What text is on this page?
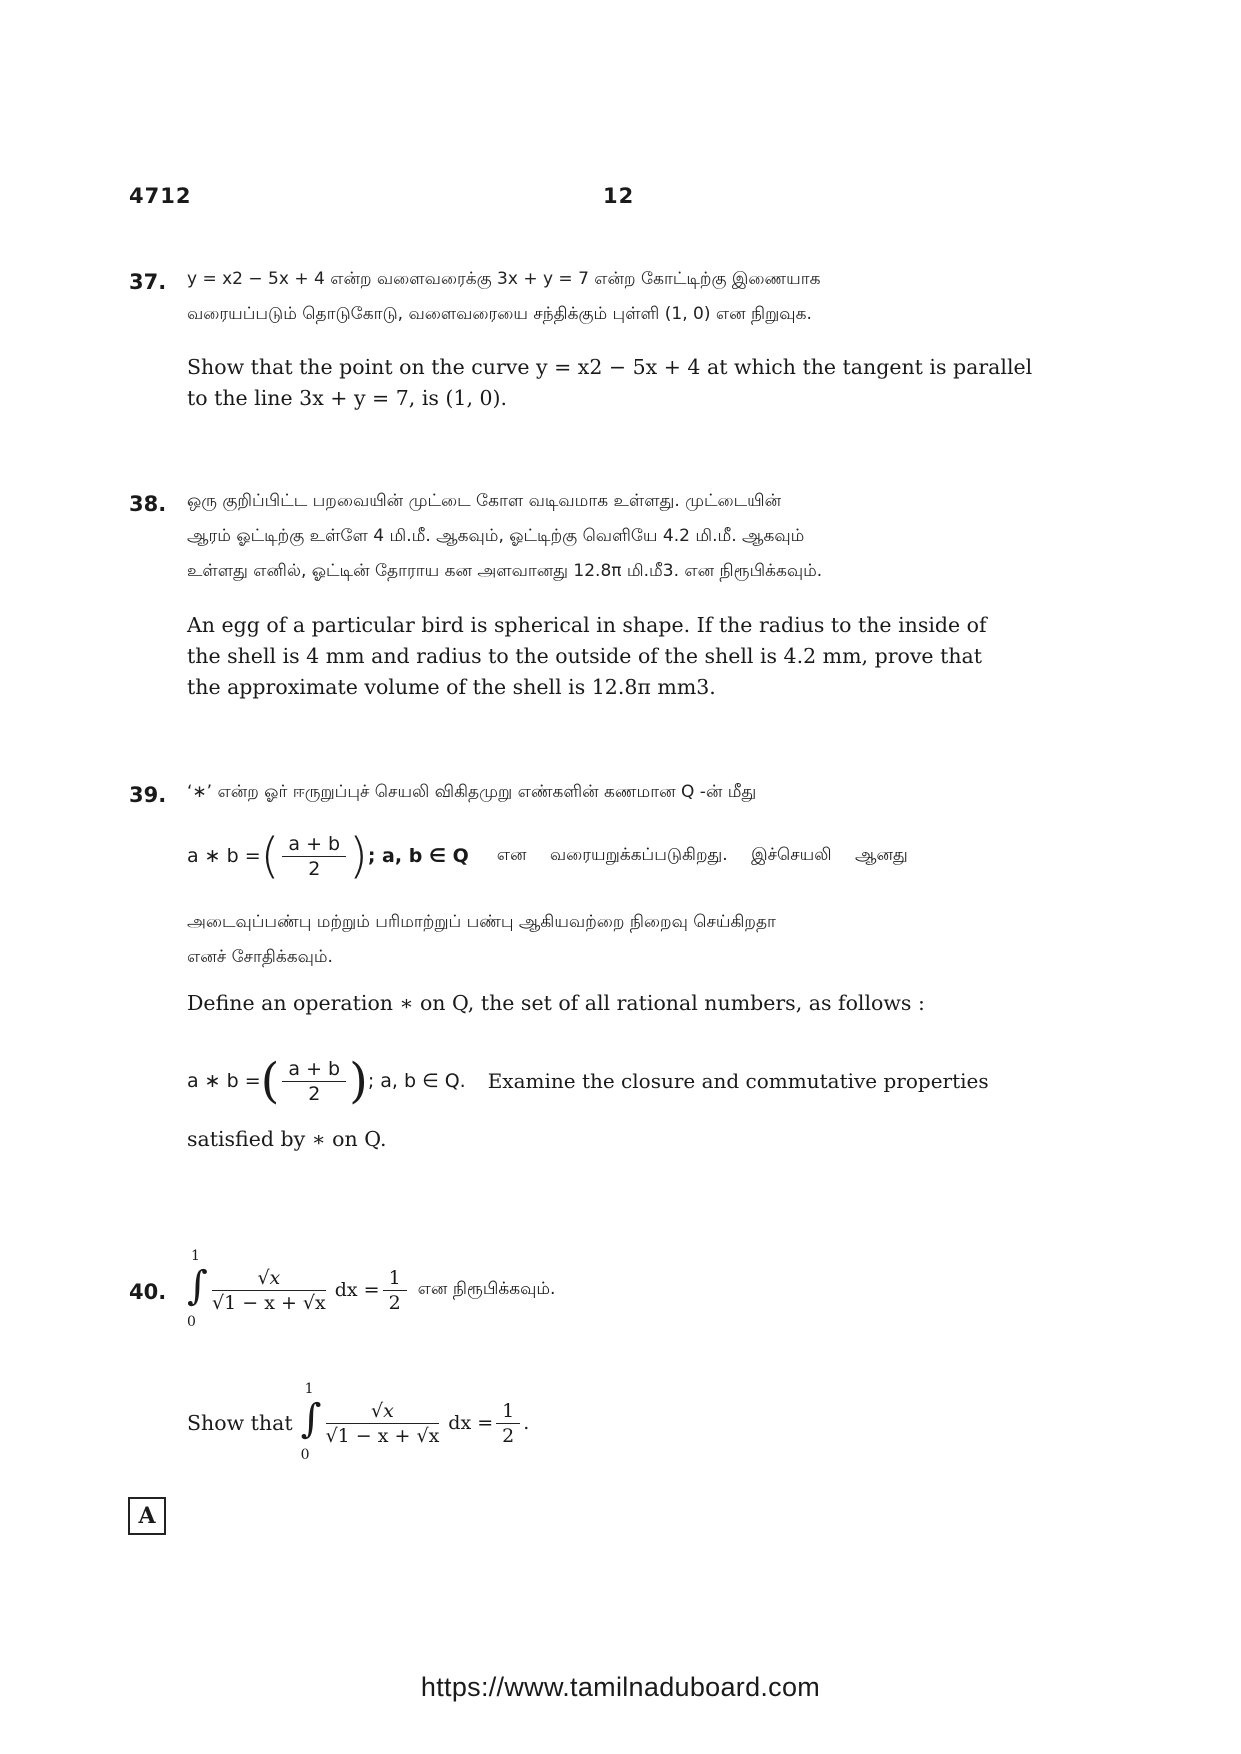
4712	12
37. y = x2 − 5x + 4 என்ற வளைவரைக்கு 3x + y = 7 என்ற கோட்டிற்கு இணையாக
வரையப்படும் தொடுகோடு, வளைவரையை சந்திக்கும் புள்ளி (1, 0) என நிறுவுக.
Show that the point on the curve y = x2 − 5x + 4 at which the tangent is parallel
to the line 3x + y = 7, is (1, 0).
38. ஒரு குறிப்பிட்ட பறவையின் முட்டை கோள வடிவமாக உள்ளது. முட்டையின்
ஆரம் ஓட்டிற்கு உள்ளே 4 மி.மீ. ஆகவும், ஓட்டிற்கு வெளியே 4.2 மி.மீ. ஆகவும்
உள்ளது எனில், ஓட்டின் தோராய கன அளவானது 12.8π மி.மீ3. என நிரூபிக்கவும்.
An egg of a particular bird is spherical in shape. If the radius to the inside of
the shell is 4 mm and radius to the outside of the shell is 4.2 mm, prove that
the approximate volume of the shell is 12.8π mm3.
39. ‘∗’ என்ற ஓர் ஈருறுப்புச் செயலி விகிதமுறு எண்களின் கணமான Q -ன் மீது
a ∗ b = ( $\frac{a + b}{2}$ ) ; a, b ∈ Q என வரையறுக்கப்படுகிறது. இச்செயலி ஆனது
அடைவுப்பண்பு மற்றும் பரிமாற்றுப் பண்பு ஆகியவற்றை நிறைவு செய்கிறதா
எனச் சோதிக்கவும்.
Define an operation ∗ on Q, the set of all rational numbers, as follows :
a ∗ b = ( $\frac{a + b}{2}$ ) ; a, b ∈ Q. Examine the closure and commutative properties
satisfied by ∗ on Q.
40. ∫
1
0
$\frac{√x}{√1 - x + √x}$ dx = $\frac{1}{2}$ என நிரூபிக்கவும்.
Show that ∫
1
0
$\frac{√x}{√1 - x + √x}$ dx = $\frac{1}{2}$ .
A
https://www.tamilnaduboard.com
